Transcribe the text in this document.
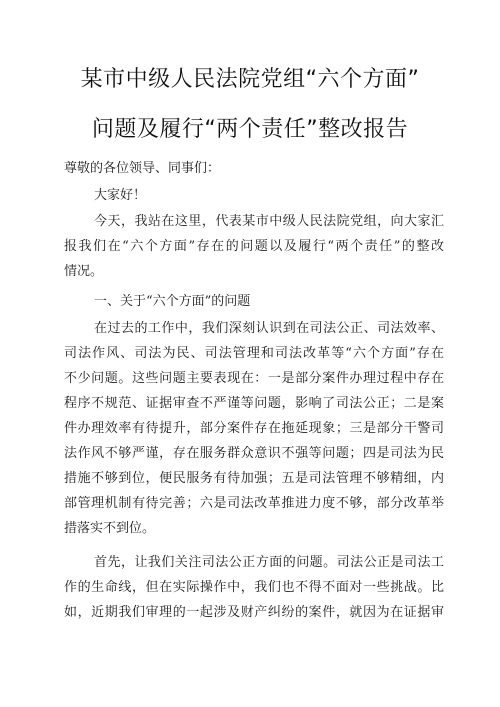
某市中级人民法院党组“六个方面”
问题及履行“两个责任”整改报告
尊敬的各位领导、同事们：
大家好！
今天，我站在这里，代表某市中级人民法院党组，向大家汇
报我们在“六个方面”存在的问题以及履行“两个责任”的整改
情况。
一、关于“六个方面”的问题
在过去的工作中，我们深刻认识到在司法公正、司法效率、
司法作风、司法为民、司法管理和司法改革等“六个方面”存在
不少问题。这些问题主要表现在：一是部分案件办理过程中存在
程序不规范、证据审查不严谨等问题，影响了司法公正；二是案
件办理效率有待提升，部分案件存在拖延现象；三是部分干警司
法作风不够严谨，存在服务群众意识不强等问题；四是司法为民
措施不够到位，便民服务有待加强；五是司法管理不够精细，内
部管理机制有待完善；六是司法改革推进力度不够，部分改革举
措落实不到位。
首先，让我们关注司法公正方面的问题。司法公正是司法工
作的生命线，但在实际操作中，我们也不得不面对一些挑战。比
如，近期我们审理的一起涉及财产纠纷的案件，就因为在证据审
